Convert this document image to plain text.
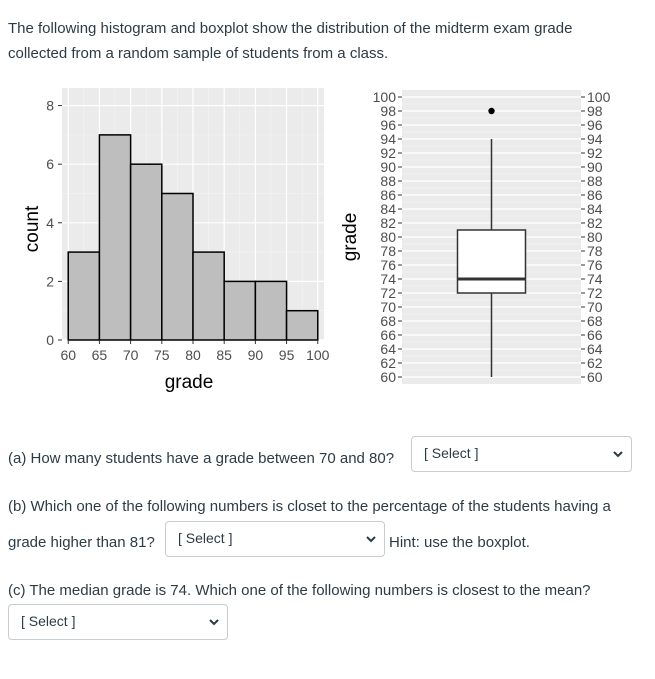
The following histogram and boxplot show the distribution of the midterm exam grade
collected from a random sample of students from a class.
0
2
4
6
8
60 65 70 75 80 85 90 95 100
grade
count
60
62
64
66
68
70
72
74
76
78
80
82
84
86
88
90
92
94
96
98
100
60
62
64
66
68
70
72
74
76
78
80
82
84
86
88
90
92
94
96
98
100
grade
(a) How many students have a grade between 70 and 80? [ Select ]
(b) Which one of the following numbers is closet to the percentage of the students having a
grade higher than 81? [ Select ]	Hint: use the boxplot.
(c) The median grade is 74. Which one of the following numbers is closest to the mean?
[ Select ]
